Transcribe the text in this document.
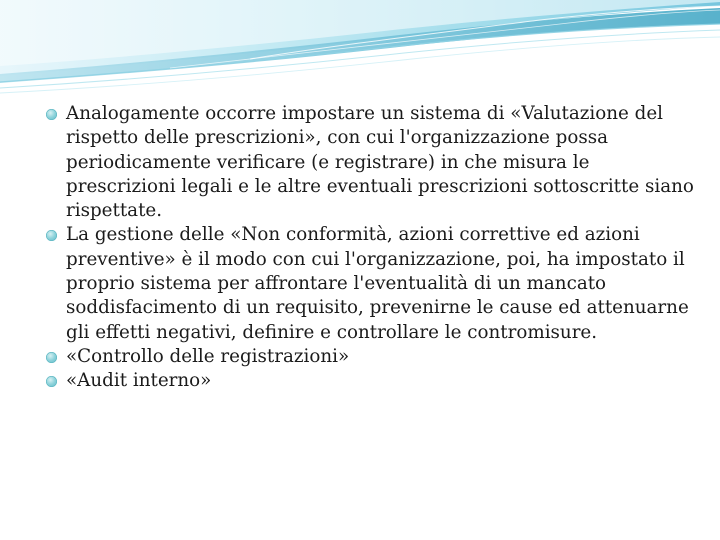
Analogamente occorre impostare un sistema di «Valutazione del rispetto delle prescrizioni», con cui l'organizzazione possa periodicamente verificare (e registrare) in che misura le prescrizioni legali e le altre eventuali prescrizioni sottoscritte siano rispettate.
La gestione delle «Non conformità, azioni correttive ed azioni preventive» è il modo con cui l'organizzazione, poi, ha impostato il proprio sistema per affrontare l'eventualità di un mancato soddisfacimento di un requisito, prevenirne le cause ed attenuarne gli effetti negativi, definire e controllare le contromisure.
«Controllo delle registrazioni»
«Audit interno»
